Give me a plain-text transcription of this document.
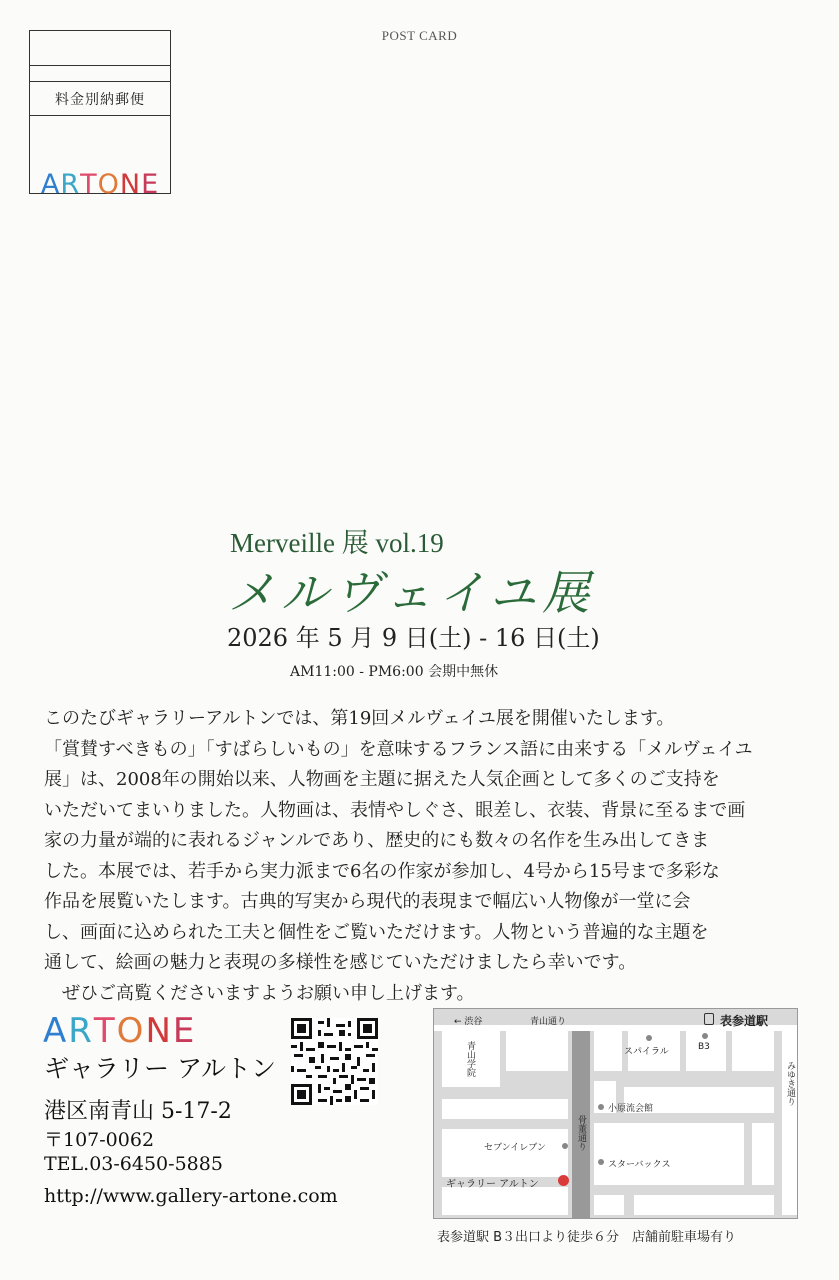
POST CARD
料金別納郵便
ARTONE
Merveille 展 vol.19
メルヴェイユ展
2026 年 5 月 9 日(土) - 16 日(土)
AM11:00 - PM6:00 会期中無休

このたびギャラリーアルトンでは、第19回メルヴェイユ展を開催いたします。

「賞賛すべきもの」「すばらしいもの」を意味するフランス語に由来する「メルヴェイユ

展」は、2008年の開始以来、人物画を主題に据えた人気企画として多くのご支持を

いただいてまいりました。人物画は、表情やしぐさ、眼差し、衣装、背景に至るまで画

家の力量が端的に表れるジャンルであり、歴史的にも数々の名作を生み出してきま

した。本展では、若手から実力派まで6名の作家が参加し、4号から15号まで多彩な

作品を展覧いたします。古典的写実から現代的表現まで幅広い人物像が一堂に会

し、画面に込められた工夫と個性をご覧いただけます。人物という普遍的な主題を

通して、絵画の魅力と表現の多様性を感じていただけましたら幸いです。

ぜひご高覧くださいますようお願い申し上げます。

ARTONE
ギャラリー アルトン
港区南青山 5-17-2
〒107-0062
TEL.03-6450-5885
http://www.gallery-artone.com
← 渋谷	青山通り	表参道駅
青山学院	スパイラル	B3
みゆき通り
小原流会館
骨董通り
セブンイレブン
スターバックス
ギャラリー アルトン
表参道駅 B３出口より徒歩６分　店舗前駐車場有り
